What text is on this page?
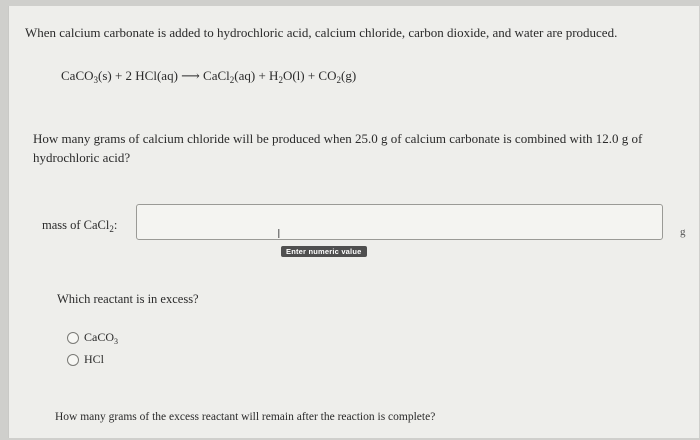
When calcium carbonate is added to hydrochloric acid, calcium chloride, carbon dioxide, and water are produced.
CaCO$_3$(s) + 2 HCl(aq) ⟶ CaCl$_2$(aq) + $H_2O(l) + CO_2(g)$
How many grams of calcium chloride will be produced when 25.0 g of calcium carbonate is combined with 12.0 g of hydrochloric acid?
mass of CaCl$_2$:
I
Enter numeric value
g
Which reactant is in excess?
CaCO$_3$
HCl
How many grams of the excess reactant will remain after the reaction is complete?
